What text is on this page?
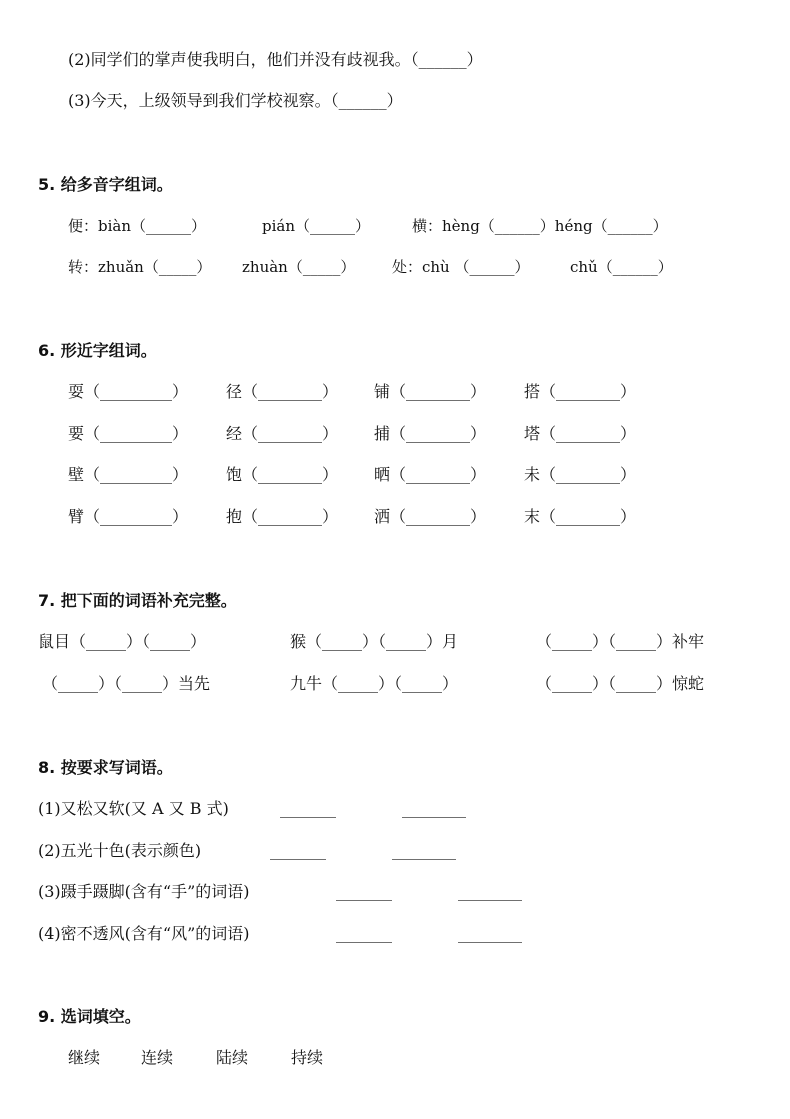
(2)同学们的掌声使我明白，他们并没有歧视我。（______）
(3)今天，上级领导到我们学校视察。（______）
5. 给多音字组词。
便：biàn（______）	pián（______）	横：hèng（______）héng（______）
转：zhuǎn（_____） zhuàn（_____） 处：chù （______）	chǔ（______）
6. 形近字组词。
耍（_________） 径（________） 铺（________） 搭（________）
要（_________） 经（________） 捕（________） 塔（________）
壁（_________） 饱（________） 晒（________） 未（________）
臂（_________） 抱（________） 洒（________） 末（________）
7. 把下面的词语补充完整。
鼠目（_____）（_____）	猴（_____）（_____）月	（_____）（_____）补牢
（_____）（_____）当先	九牛（_____）（_____）	（_____）（_____）惊蛇
8. 按要求写词语。
(1)又松又软(又 A 又 B 式)	_______	________
(2)五光十色(表示颜色)	_______	________
(3)蹑手蹑脚(含有“手”的词语)	_______	________
(4)密不透风(含有“风”的词语)	_______	________
9. 选词填空。
继续	连续	陆续	持续
